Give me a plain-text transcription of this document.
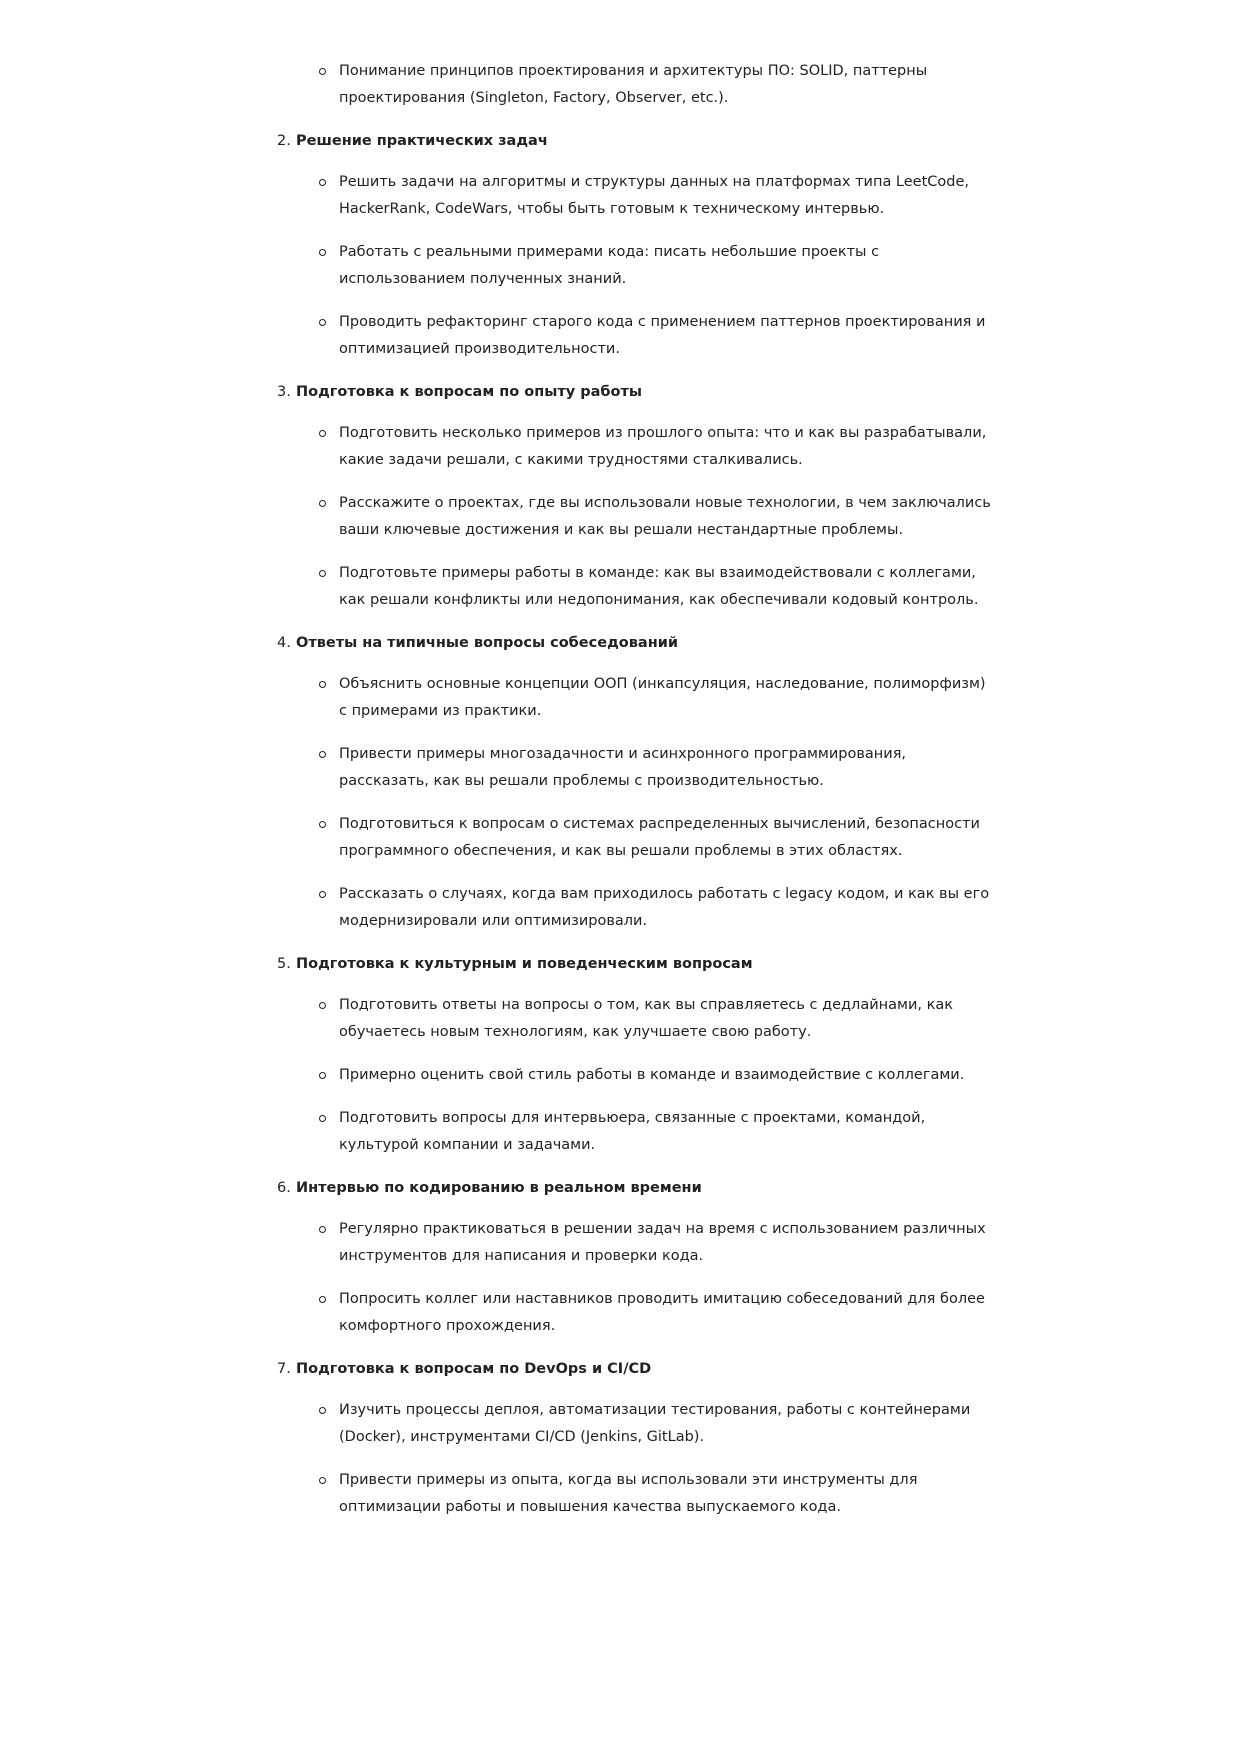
Понимание принципов проектирования и архитектуры ПО: SOLID, паттерны проектирования (Singleton, Factory, Observer, etc.).
2. Решение практических задач
Решить задачи на алгоритмы и структуры данных на платформах типа LeetCode, HackerRank, CodeWars, чтобы быть готовым к техническому интервью.
Работать с реальными примерами кода: писать небольшие проекты с использованием полученных знаний.
Проводить рефакторинг старого кода с применением паттернов проектирования и оптимизацией производительности.
3. Подготовка к вопросам по опыту работы
Подготовить несколько примеров из прошлого опыта: что и как вы разрабатывали, какие задачи решали, с какими трудностями сталкивались.
Расскажите о проектах, где вы использовали новые технологии, в чем заключались ваши ключевые достижения и как вы решали нестандартные проблемы.
Подготовьте примеры работы в команде: как вы взаимодействовали с коллегами, как решали конфликты или недопонимания, как обеспечивали кодовый контроль.
4. Ответы на типичные вопросы собеседований
Объяснить основные концепции ООП (инкапсуляция, наследование, полиморфизм) с примерами из практики.
Привести примеры многозадачности и асинхронного программирования, рассказать, как вы решали проблемы с производительностью.
Подготовиться к вопросам о системах распределенных вычислений, безопасности программного обеспечения, и как вы решали проблемы в этих областях.
Рассказать о случаях, когда вам приходилось работать с legacy кодом, и как вы его модернизировали или оптимизировали.
5. Подготовка к культурным и поведенческим вопросам
Подготовить ответы на вопросы о том, как вы справляетесь с дедлайнами, как обучаетесь новым технологиям, как улучшаете свою работу.
Примерно оценить свой стиль работы в команде и взаимодействие с коллегами.
Подготовить вопросы для интервьюера, связанные с проектами, командой, культурой компании и задачами.
6. Интервью по кодированию в реальном времени
Регулярно практиковаться в решении задач на время с использованием различных инструментов для написания и проверки кода.
Попросить коллег или наставников проводить имитацию собеседований для более комфортного прохождения.
7. Подготовка к вопросам по DevOps и CI/CD
Изучить процессы деплоя, автоматизации тестирования, работы с контейнерами (Docker), инструментами CI/CD (Jenkins, GitLab).
Привести примеры из опыта, когда вы использовали эти инструменты для оптимизации работы и повышения качества выпускаемого кода.
